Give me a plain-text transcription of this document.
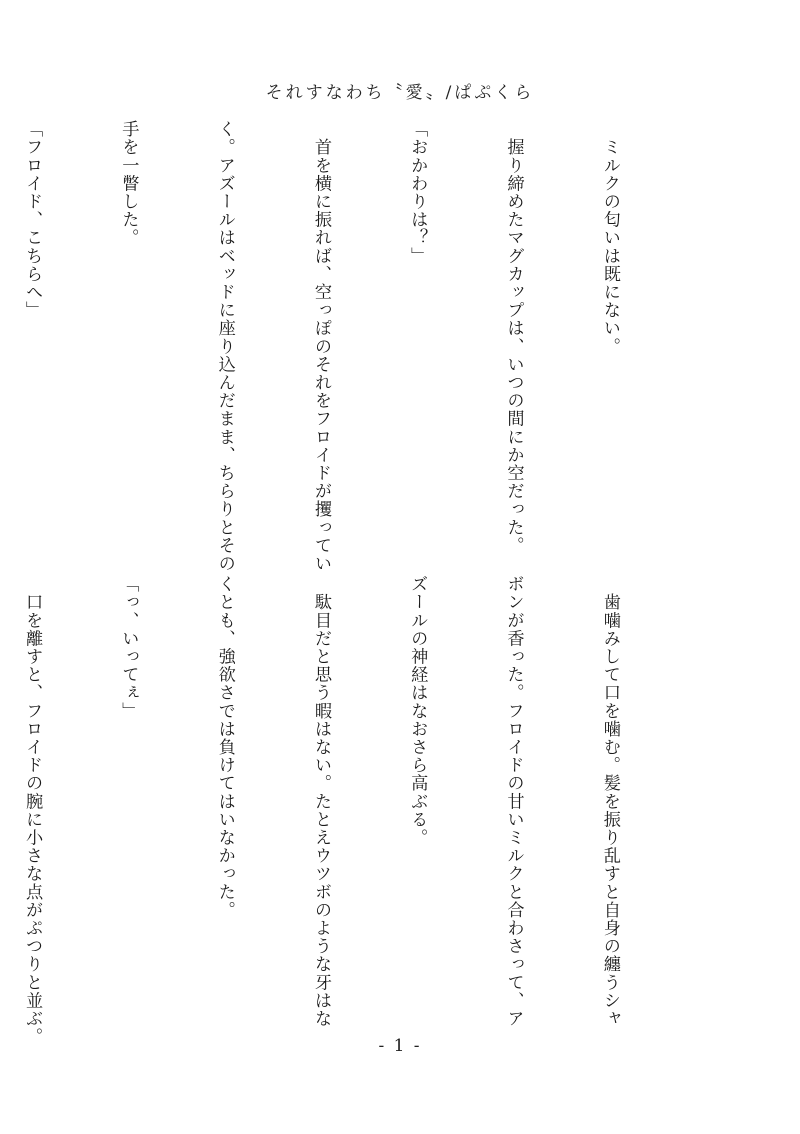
それすなわち〝愛〟/ぱぷくら

　ミルクの匂いは既にない。

　握り締めたマグカップは、いつの間にか空だった。

「おかわりは？」

　首を横に振れば、空っぽのそれをフロイドが攫ってい

く。アズールはベッドに座り込んだまま、ちらりとその

手を一瞥した。

「フロイド、こちらへ」

　歯噛みして口を噛む。髪を振り乱すと自身の纏うシャ

ボンが香った。フロイドの甘いミルクと合わさって、ア

ズールの神経はなおさら高ぶる。

　駄目だと思う暇はない。たとえウツボのような牙はな

くとも、強欲さでは負けてはいなかった。

「っ、いってぇ」

　口を離すと、フロイドの腕に小さな点がぷつりと並ぶ。

- 1 -
